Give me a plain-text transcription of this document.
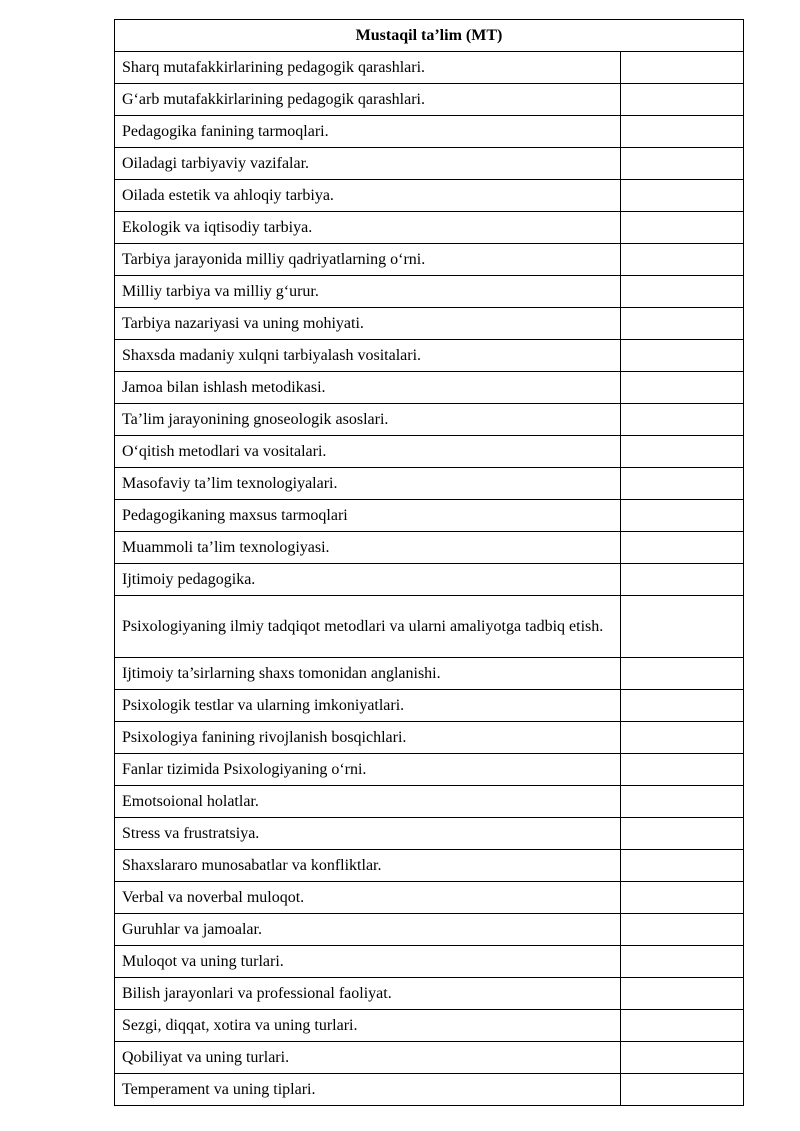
Mustaqil ta’lim (MT)	
Sharq mutafakkirlarining pedagogik qarashlari.	
G‘arb mutafakkirlarining pedagogik qarashlari.	
Pedagogika fanining tarmoqlari.	
Oiladagi tarbiyaviy vazifalar.	
Oilada estetik va ahloqiy tarbiya.	
Ekologik va iqtisodiy tarbiya.	
Tarbiya jarayonida milliy qadriyatlarning o‘rni.	
Milliy tarbiya va milliy g‘urur.	
Tarbiya nazariyasi va uning mohiyati.	
Shaxsda madaniy xulqni tarbiyalash vositalari.	
Jamoa bilan ishlash metodikasi.	
Ta’lim jarayonining gnoseologik asoslari.	
O‘qitish metodlari va vositalari.	
Masofaviy ta’lim texnologiyalari.	
Pedagogikaning maxsus tarmoqlari	
Muammoli ta’lim texnologiyasi.	
Ijtimoiy pedagogika.	
Psixologiyaning ilmiy tadqiqot metodlari va ularni amaliyotga tadbiq etish.	
Ijtimoiy ta’sirlarning shaxs tomonidan anglanishi.	
Psixologik testlar va ularning imkoniyatlari.	
Psixologiya fanining rivojlanish bosqichlari.	
Fanlar tizimida Psixologiyaning o‘rni.	
Emotsoional holatlar.	
Stress va frustratsiya.	
Shaxslararo munosabatlar va konfliktlar.	
Verbal va noverbal muloqot.	
Guruhlar va jamoalar.	
Muloqot va uning turlari.	
Bilish jarayonlari va professional faoliyat.	
Sezgi, diqqat, xotira va uning turlari.	
Qobiliyat va uning turlari.	
Temperament va uning tiplari.	
